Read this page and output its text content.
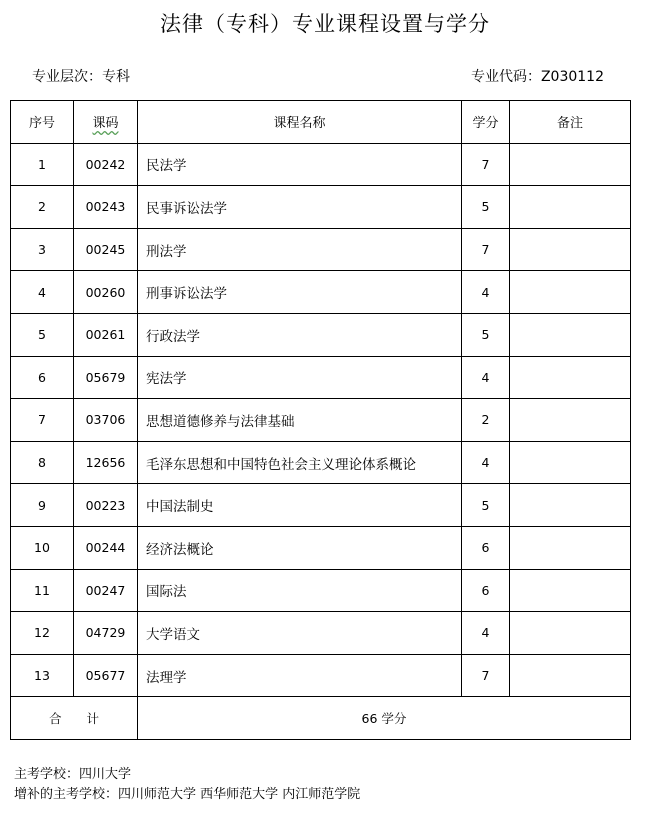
法律（专科）专业课程设置与学分
专业层次：专科	专业代码：Z030112
序号	课码	课程名称	学分	备注
1	00242	民法学	7	
2	00243	民事诉讼法学	5	
3	00245	刑法学	7	
4	00260	刑事诉讼法学	4	
5	00261	行政法学	5	
6	05679	宪法学	4	
7	03706	思想道德修养与法律基础	2	
8	12656	毛泽东思想和中国特色社会主义理论体系概论	4	
9	00223	中国法制史	5	
10	00244	经济法概论	6	
11	00247	国际法	6	
12	04729	大学语文	4	
13	05677	法理学	7	
合　　计		66 学分		
主考学校：四川大学
增补的主考学校：四川师范大学 西华师范大学 内江师范学院
